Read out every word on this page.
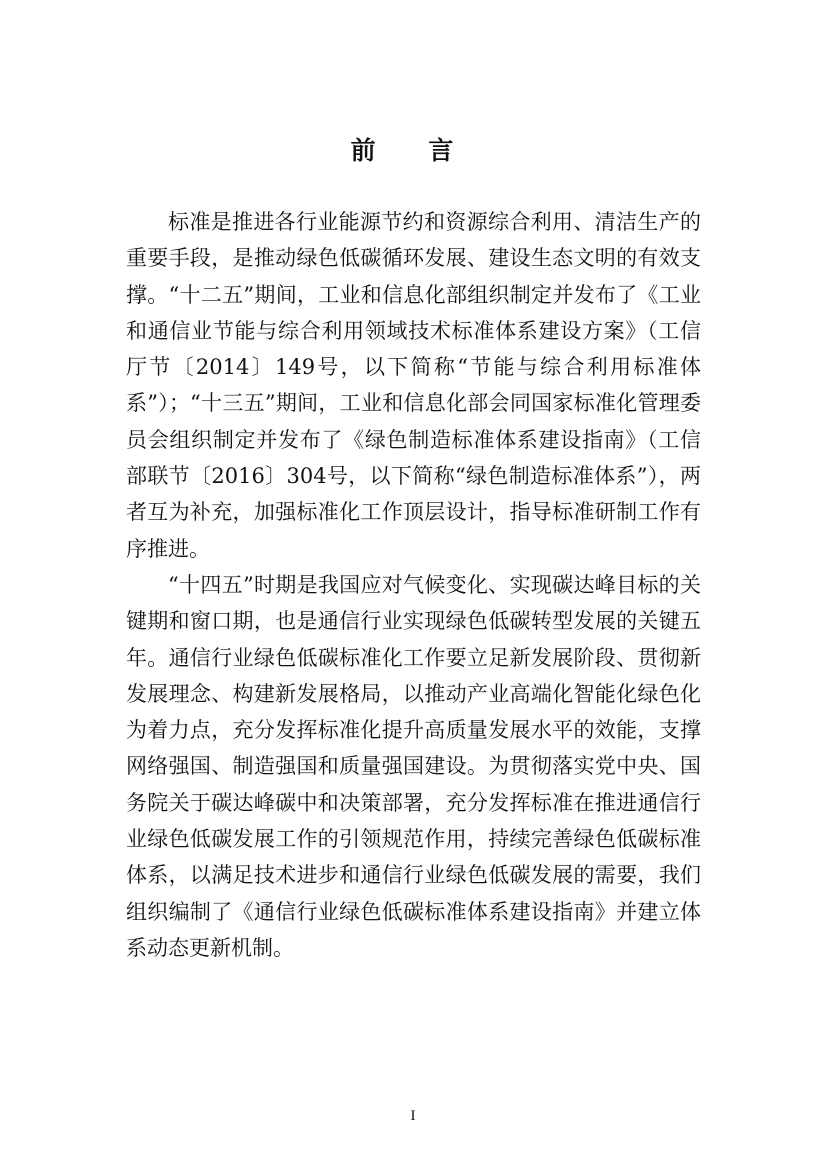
前 言

标准是推进各行业能源节约和资源综合利用、清洁生产的重要手段，是推动绿色低碳循环发展、建设生态文明的有效支撑。“十二五”期间，工业和信息化部组织制定并发布了《工业和通信业节能与综合利用领域技术标准体系建设方案》（工信厅节〔2014〕149号，以下简称“节能与综合利用标准体系”）；“十三五”期间，工业和信息化部会同国家标准化管理委员会组织制定并发布了《绿色制造标准体系建设指南》（工信部联节〔2016〕304号，以下简称“绿色制造标准体系”），两者互为补充，加强标准化工作顶层设计，指导标准研制工作有序推进。

“十四五”时期是我国应对气候变化、实现碳达峰目标的关键期和窗口期，也是通信行业实现绿色低碳转型发展的关键五年。通信行业绿色低碳标准化工作要立足新发展阶段、贯彻新发展理念、构建新发展格局，以推动产业高端化智能化绿色化为着力点，充分发挥标准化提升高质量发展水平的效能，支撑网络强国、制造强国和质量强国建设。为贯彻落实党中央、国务院关于碳达峰碳中和决策部署，充分发挥标准在推进通信行业绿色低碳发展工作的引领规范作用，持续完善绿色低碳标准体系，以满足技术进步和通信行业绿色低碳发展的需要，我们组织编制了《通信行业绿色低碳标准体系建设指南》并建立体系动态更新机制。

I
